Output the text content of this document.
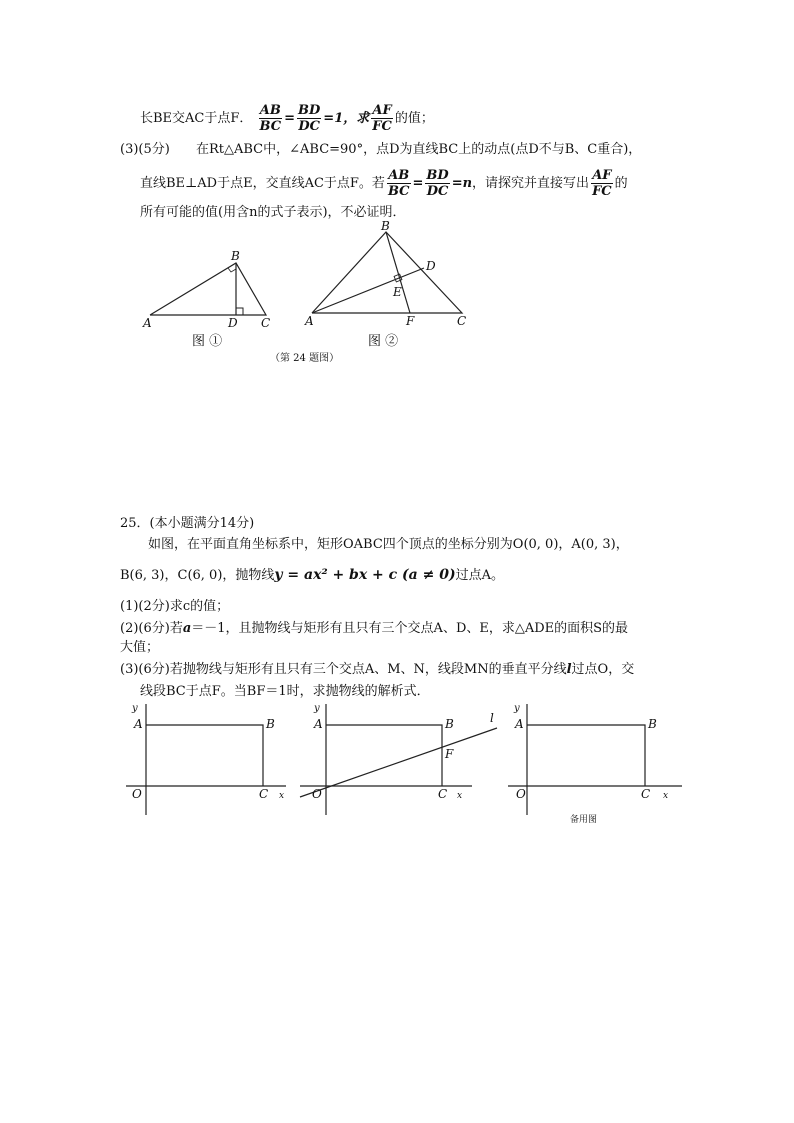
长BE交AC于点F． $\frac{AB}{BC} = \frac{BD}{DC} =1$，求 $\frac{AF}{FC}$ 的值；
(3)(5分) 在Rt△ABC中，∠ABC=90°，点D为直线BC上的动点(点D不与B、C重合)，
直线BE⊥AD于点E，交直线AC于点F。若 $\frac{AB}{BC} = \frac{BD}{DC} =n$，请探究并直接写出 $\frac{AF}{FC}$ 的
所有可能的值(用含n的式子表示)，不必证明．
B
A	D C
图 ①
B
D
E
A	F	C
图 ②
（第 24 题图）
25．(本小题满分14分)
如图，在平面直角坐标系中，矩形OABC四个顶点的坐标分别为O(0, 0)，A(0, 3)，
B(6, 3)，C(6, 0)，抛物线y = ax² + bx + c (a ≠ 0)过点A。
(1)(2分)求c的值；
(2)(6分)若a＝－1，且抛物线与矩形有且只有三个交点A、D、E，求△ADE的面积S的最
大值；
(3)(6分)若抛物线与矩形有且只有三个交点A、M、N，线段MN的垂直平分线l过点O，交
线段BC于点F。当BF＝1时，求抛物线的解析式．
y
A	B
O	C x
y
A	B
F
l
O	C x
y
A	B
O	C x
备用图
